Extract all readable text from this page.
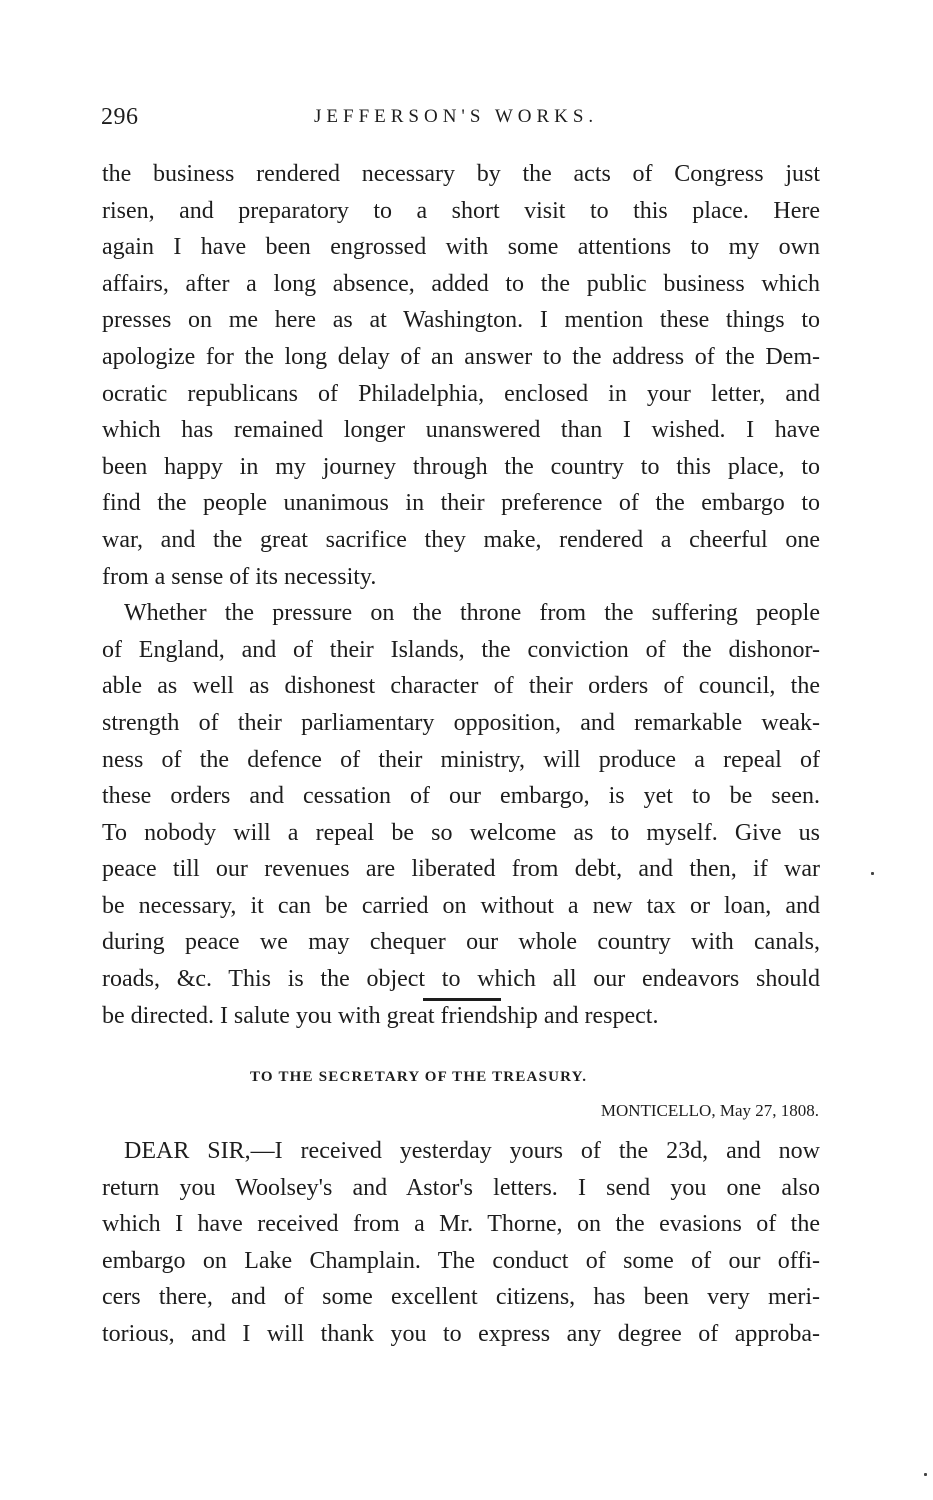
296	JEFFERSON'S WORKS.
the business rendered necessary by the acts of Congress just
risen, and preparatory to a short visit to this place. Here
again I have been engrossed with some attentions to my own
affairs, after a long absence, added to the public business which
presses on me here as at Washington. I mention these things to
apologize for the long delay of an answer to the address of the Dem-
ocratic republicans of Philadelphia, enclosed in your letter, and
which has remained longer unanswered than I wished. I have
been happy in my journey through the country to this place, to
find the people unanimous in their preference of the embargo to
war, and the great sacrifice they make, rendered a cheerful one
from a sense of its necessity.
Whether the pressure on the throne from the suffering people
of England, and of their Islands, the conviction of the dishonor-
able as well as dishonest character of their orders of council, the
strength of their parliamentary opposition, and remarkable weak-
ness of the defence of their ministry, will produce a repeal of
these orders and cessation of our embargo, is yet to be seen.
To nobody will a repeal be so welcome as to myself. Give us
peace till our revenues are liberated from debt, and then, if war
be necessary, it can be carried on without a new tax or loan, and
during peace we may chequer our whole country with canals,
roads, &c. This is the object to which all our endeavors should
be directed. I salute you with great friendship and respect.
TO THE SECRETARY OF THE TREASURY.
MONTICELLO, May 27, 1808.
DEAR SIR,—I received yesterday yours of the 23d, and now
return you Woolsey's and Astor's letters. I send you one also
which I have received from a Mr. Thorne, on the evasions of the
embargo on Lake Champlain. The conduct of some of our offi-
cers there, and of some excellent citizens, has been very meri-
torious, and I will thank you to express any degree of approba-
